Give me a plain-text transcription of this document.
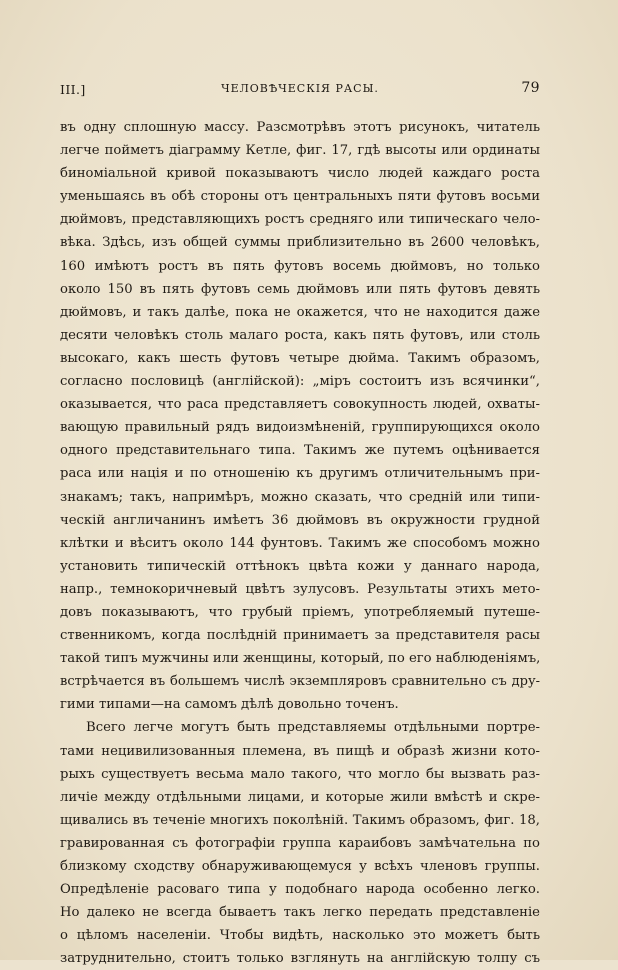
III.]	ЧЕЛОВѢЧЕСКІЯ РАСЫ.	79
въ одну сплошную массу. Разсмотрѣвъ этотъ рисунокъ, читатель
легче пойметъ діаграмму Кетле, фиг. 17, гдѣ высоты или ординаты
биноміальной кривой показываютъ число людей каждаго роста
уменьшаясь въ обѣ стороны отъ центральныхъ пяти футовъ восьми
дюймовъ, представляющихъ ростъ средняго или типическаго чело-
вѣка. Здѣсь, изъ общей суммы приблизительно въ 2600 человѣкъ,
160 имѣютъ ростъ въ пять футовъ восемь дюймовъ, но только
около 150 въ пять футовъ семь дюймовъ или пять футовъ девять
дюймовъ, и такъ далѣе, пока не окажется, что не находится даже
десяти человѣкъ столь малаго роста, какъ пять футовъ, или столь
высокаго, какъ шесть футовъ четыре дюйма. Такимъ образомъ,
согласно пословицѣ (англійской): „міръ состоитъ изъ всячинки“,
оказывается, что раса представляетъ совокупность людей, охваты-
вающую правильный рядъ видоизмѣненій, группирующихся около
одного представительнаго типа. Такимъ же путемъ оцѣнивается
раса или нація и по отношенію къ другимъ отличительнымъ при-
знакамъ; такъ, напримѣръ, можно сказать, что средній или типи-
ческій англичанинъ имѣетъ 36 дюймовъ въ окружности грудной
клѣтки и вѣситъ около 144 фунтовъ. Такимъ же способомъ можно
установить типическій оттѣнокъ цвѣта кожи у даннаго народа,
напр., темнокоричневый цвѣтъ зулусовъ. Результаты этихъ мето-
довъ показываютъ, что грубый пріемъ, употребляемый путеше-
ственникомъ, когда послѣдній принимаетъ за представителя расы
такой типъ мужчины или женщины, который, по его наблюденіямъ,
встрѣчается въ большемъ числѣ экземпляровъ сравнительно съ дру-
гими типами—на самомъ дѣлѣ довольно точенъ.
Всего легче могутъ быть представляемы отдѣльными портре-
тами нецивилизованныя племена, въ пищѣ и образѣ жизни кото-
рыхъ существуетъ весьма мало такого, что могло бы вызвать раз-
личіе между отдѣльными лицами, и которые жили вмѣстѣ и скре-
щивались въ теченіе многихъ поколѣній. Такимъ образомъ, фиг. 18,
гравированная съ фотографіи группа караибовъ замѣчательна по
близкому сходству обнаруживающемуся у всѣхъ членовъ группы.
Опредѣленіе расоваго типа у подобнаго народа особенно легко.
Но далеко не всегда бываетъ такъ легко передать представленіе
о цѣломъ населеніи. Чтобы видѣть, насколько это можетъ быть
затруднительно, стоитъ только взглянуть на англійскую толпу съ
